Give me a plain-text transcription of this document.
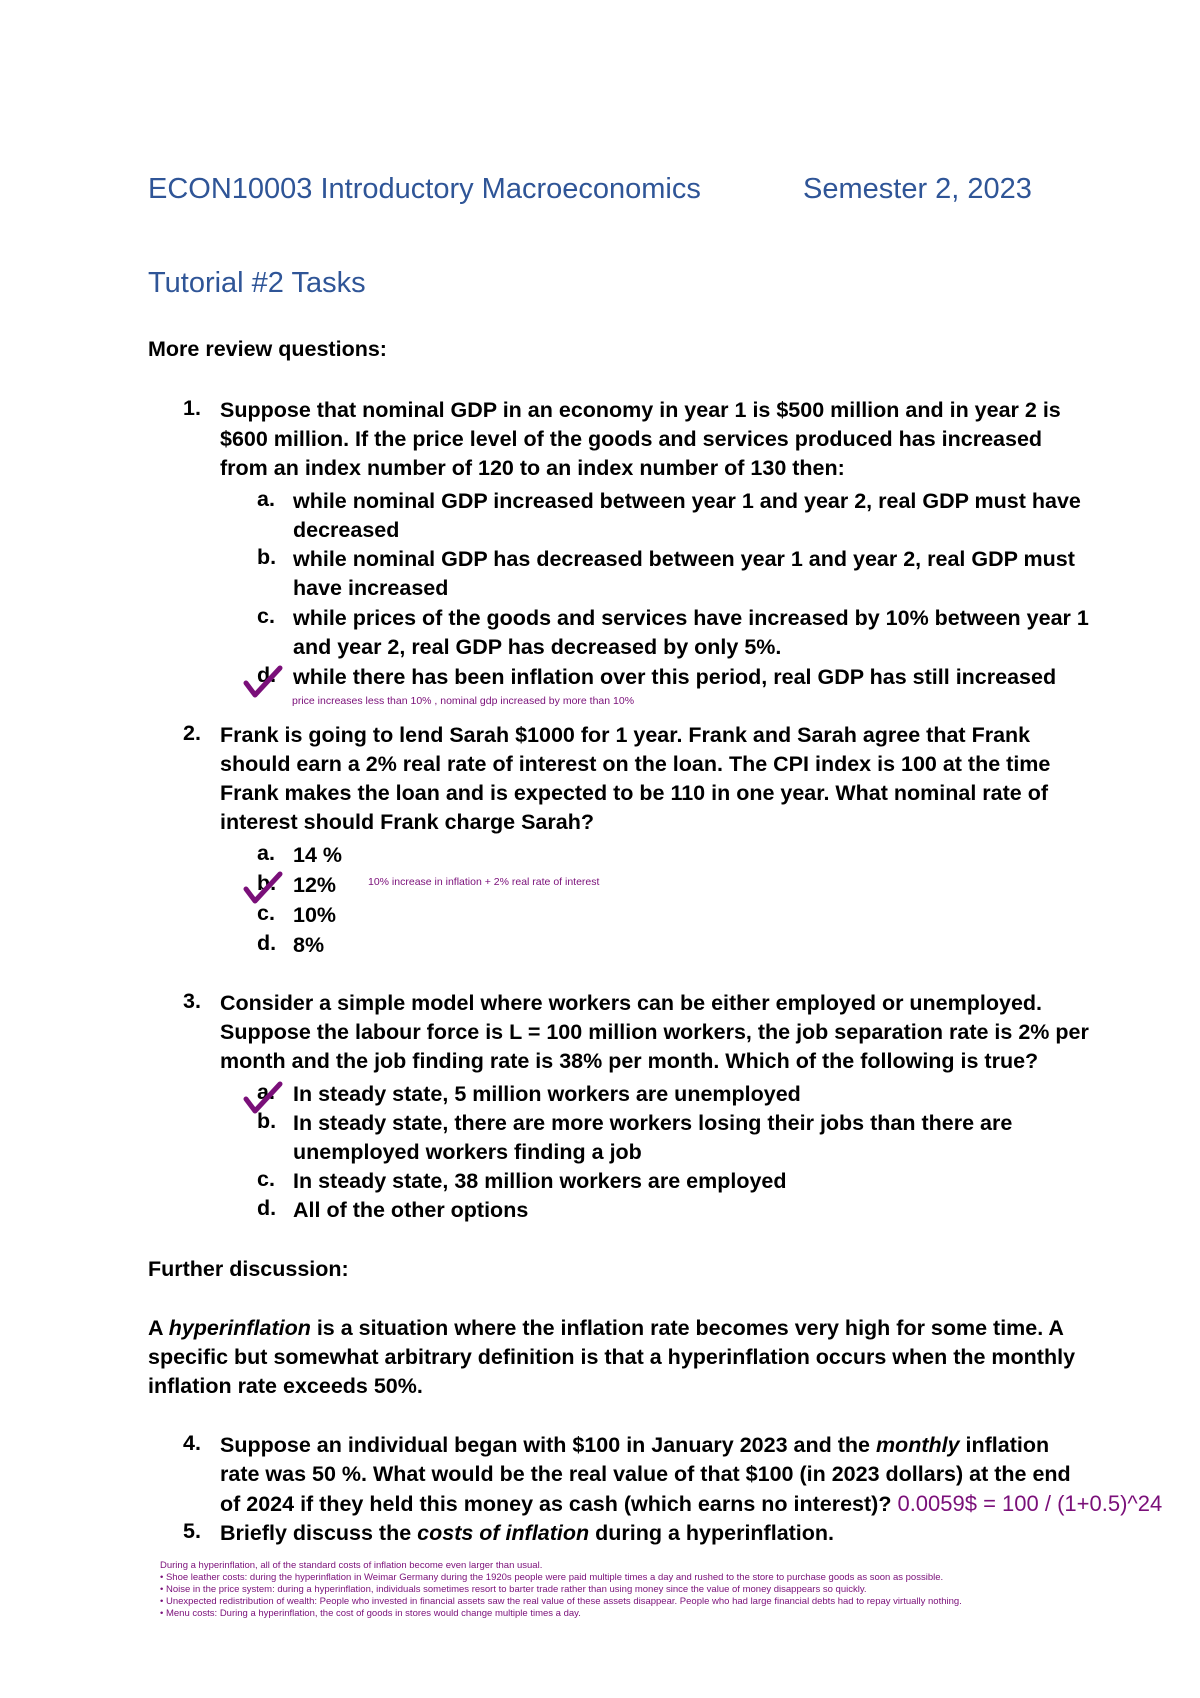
ECON10003 Introductory Macroeconomics	Semester 2, 2023
Tutorial #2 Tasks
More review questions:
1. Suppose that nominal GDP in an economy in year 1 is $500 million and in year 2 is
$600 million. If the price level of the goods and services produced has increased
from an index number of 120 to an index number of 130 then:
a. while nominal GDP increased between year 1 and year 2, real GDP must have
decreased
b. while nominal GDP has decreased between year 1 and year 2, real GDP must
have increased
c. while prices of the goods and services have increased by 10% between year 1
and year 2, real GDP has decreased by only 5%.
d. while there has been inflation over this period, real GDP has still increased
price increases less than 10% , nominal gdp increased by more than 10%
2. Frank is going to lend Sarah $1000 for 1 year. Frank and Sarah agree that Frank
should earn a 2% real rate of interest on the loan. The CPI index is 100 at the time
Frank makes the loan and is expected to be 110 in one year. What nominal rate of
interest should Frank charge Sarah?
a. 14 %
b. 12%
c. 10%
d. 8%
10% increase in inflation + 2% real rate of interest
3. Consider a simple model where workers can be either employed or unemployed.
Suppose the labour force is L = 100 million workers, the job separation rate is 2% per
month and the job finding rate is 38% per month. Which of the following is true?
a. In steady state, 5 million workers are unemployed
b. In steady state, there are more workers losing their jobs than there are
unemployed workers finding a job
c. In steady state, 38 million workers are employed
d. All of the other options
Further discussion:
A hyperinflation is a situation where the inflation rate becomes very high for some time. A
specific but somewhat arbitrary definition is that a hyperinflation occurs when the monthly
inflation rate exceeds 50%.
4. Suppose an individual began with $100 in January 2023 and the monthly inflation
rate was 50 %. What would be the real value of that $100 (in 2023 dollars) at the end
of 2024 if they held this money as cash (which earns no interest)? 0.0059$ = 100 / (1+0.5)^24
5. Briefly discuss the costs of inflation during a hyperinflation.
During a hyperinflation, all of the standard costs of inflation become even larger than usual.
• Shoe leather costs: during the hyperinflation in Weimar Germany during the 1920s people were paid multiple times a day and rushed to the store to purchase goods as soon as possible.
• Noise in the price system: during a hyperinflation, individuals sometimes resort to barter trade rather than using money since the value of money disappears so quickly.
• Unexpected redistribution of wealth: People who invested in financial assets saw the real value of these assets disappear. People who had large financial debts had to repay virtually nothing.
• Menu costs: During a hyperinflation, the cost of goods in stores would change multiple times a day.
